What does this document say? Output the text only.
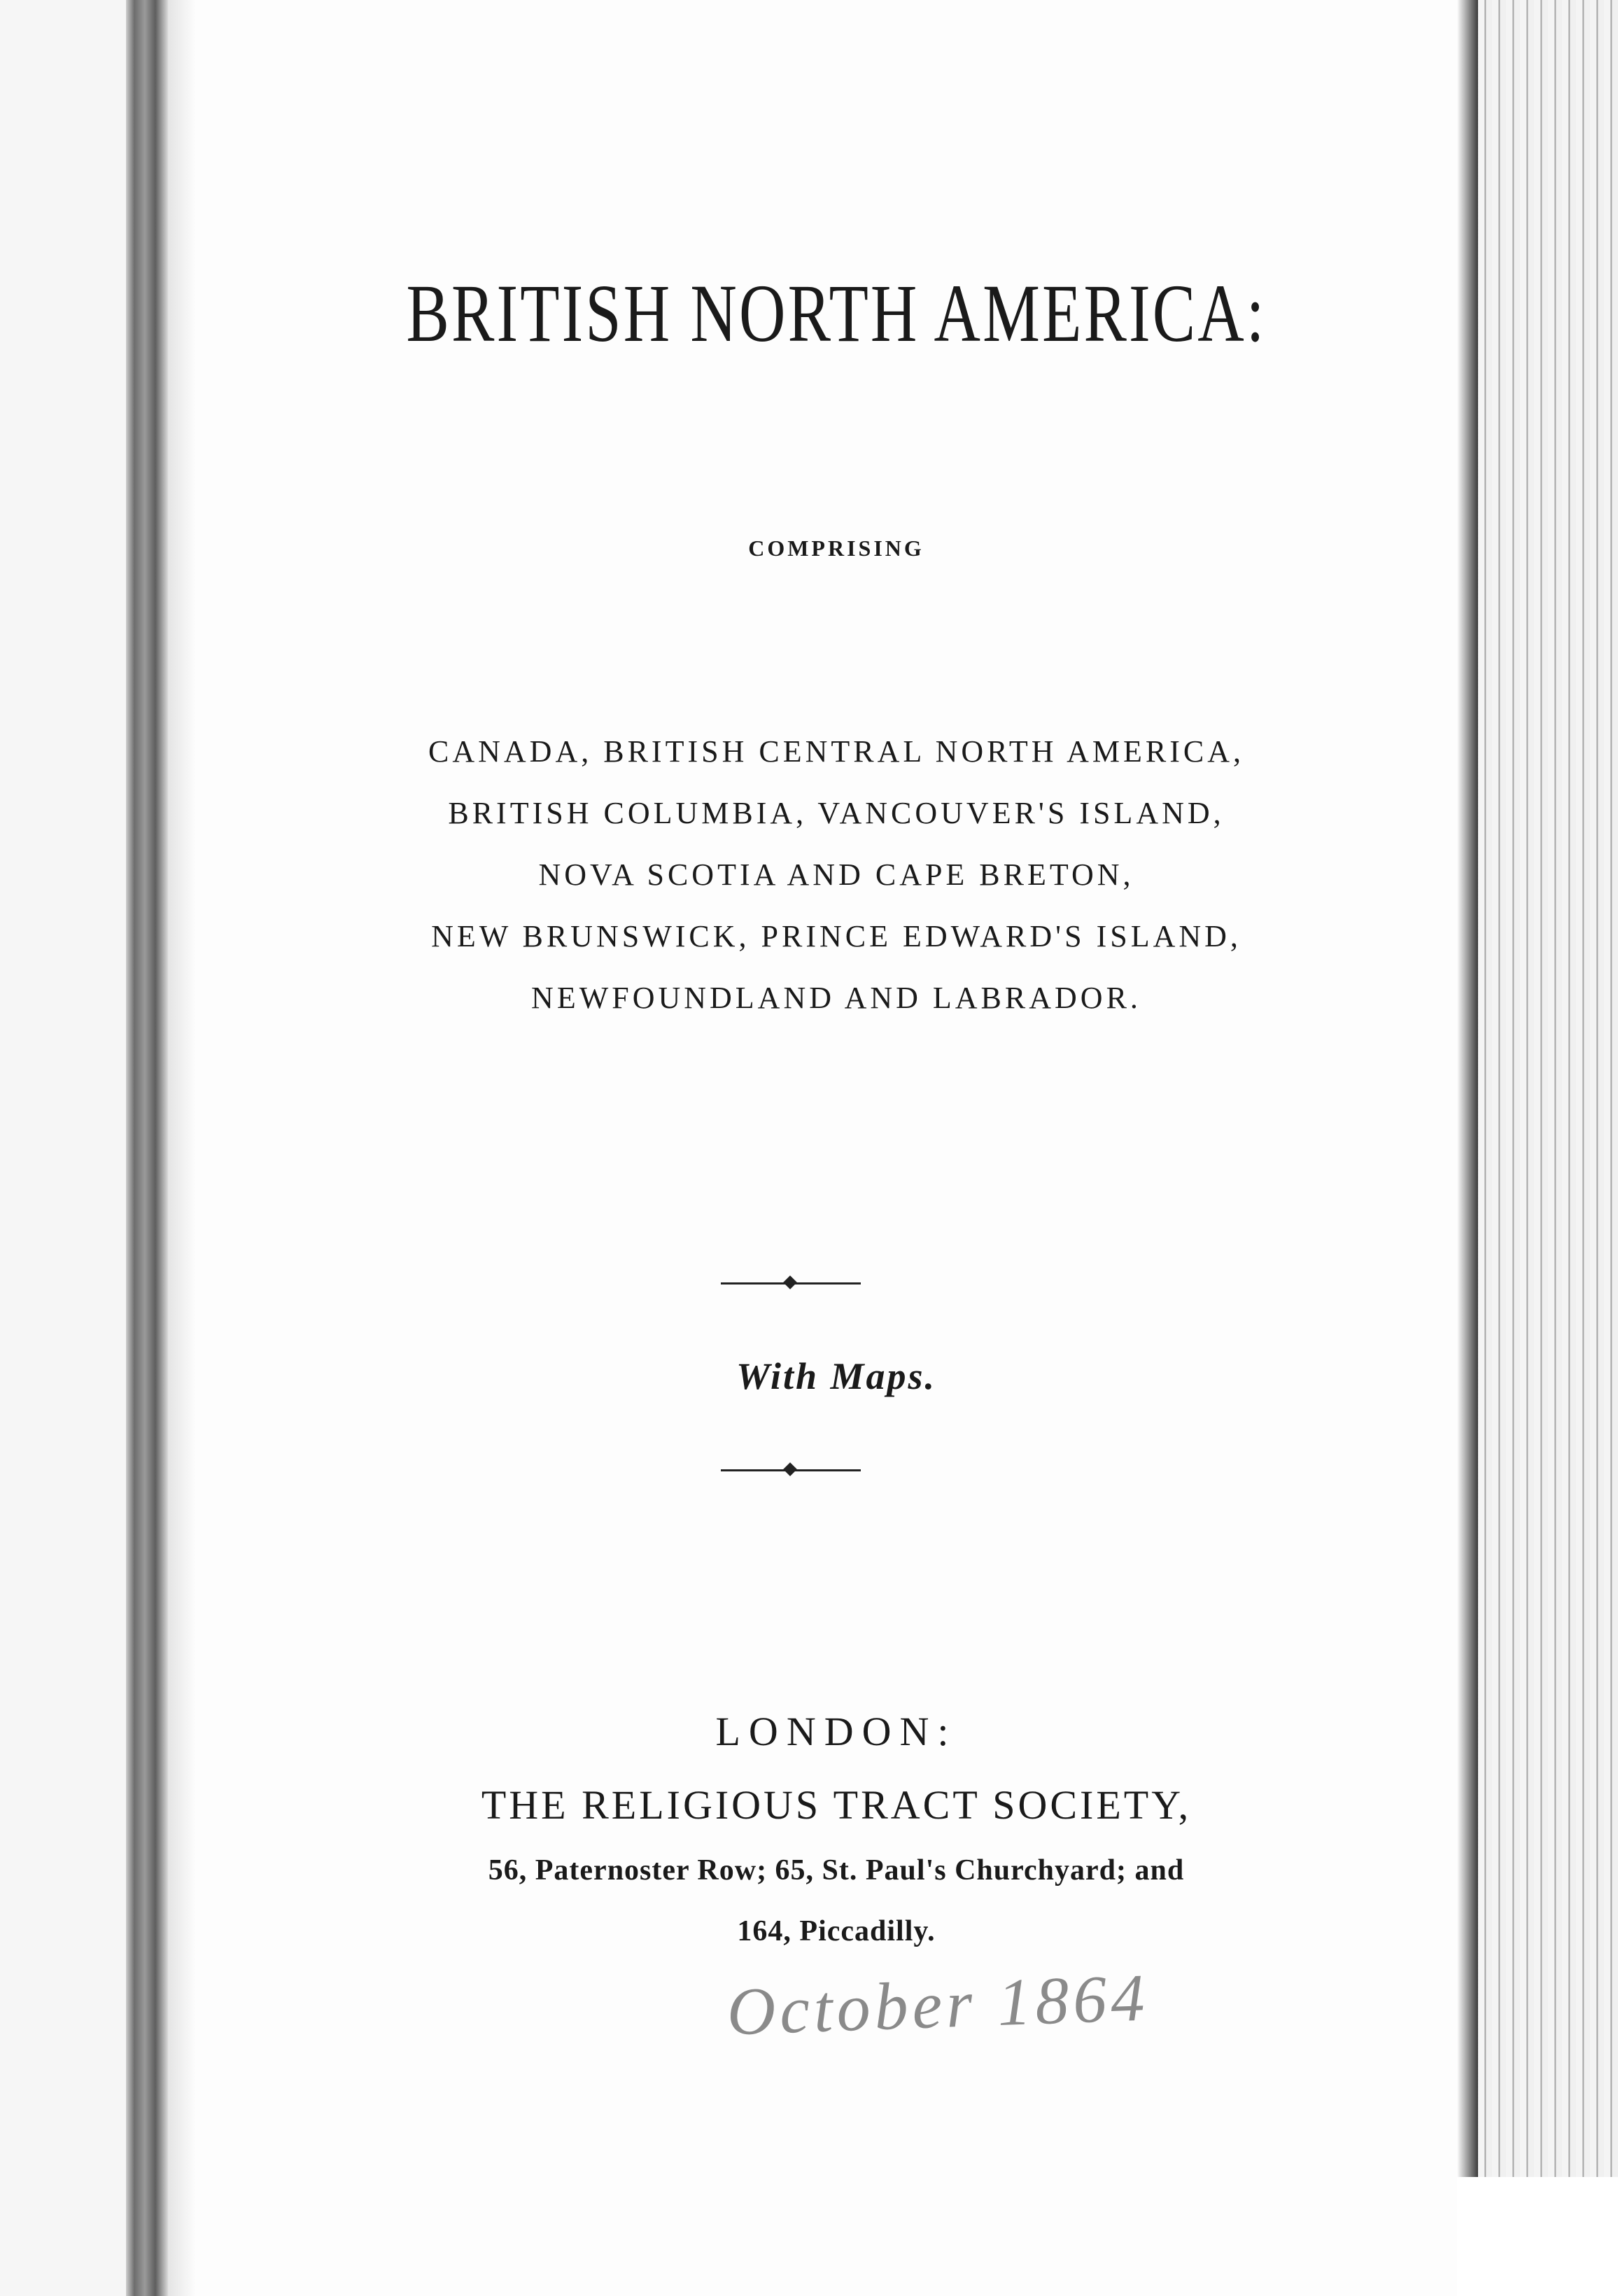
BRITISH NORTH AMERICA:
COMPRISING
CANADA, BRITISH CENTRAL NORTH AMERICA,
BRITISH COLUMBIA, VANCOUVER'S ISLAND,
NOVA SCOTIA AND CAPE BRETON,
NEW BRUNSWICK, PRINCE EDWARD'S ISLAND,
NEWFOUNDLAND AND LABRADOR.
With Maps.
LONDON:
THE RELIGIOUS TRACT SOCIETY,
56, Paternoster Row; 65, St. Paul's Churchyard; and
164, Piccadilly.
October 1864
